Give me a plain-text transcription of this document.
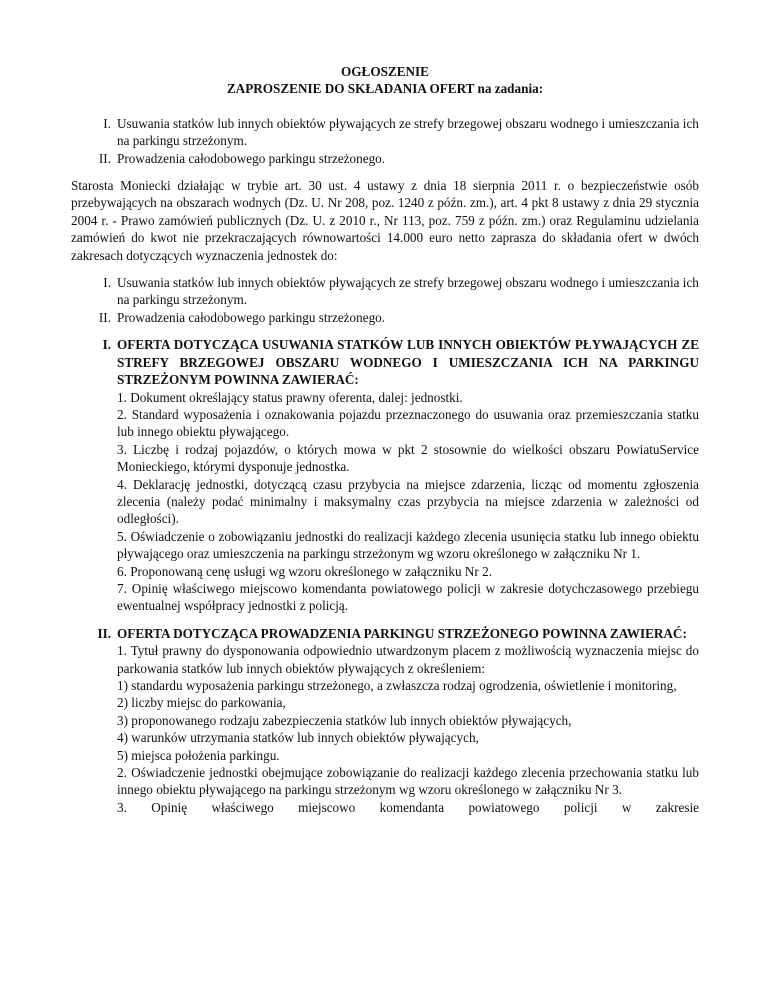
OGŁOSZENIE
ZAPROSZENIE DO SKŁADANIA OFERT na zadania:
I. Usuwania statków lub innych obiektów pływających ze strefy brzegowej obszaru wodnego i umieszczania ich na parkingu strzeżonym.
II. Prowadzenia całodobowego parkingu strzeżonego.

Starosta Moniecki działając w trybie art. 30 ust. 4 ustawy z dnia 18 sierpnia 2011 r. o bezpieczeństwie osób przebywających na obszarach wodnych (Dz. U. Nr 208, poz. 1240 z późn. zm.), art. 4 pkt 8 ustawy z dnia 29 stycznia 2004 r. - Prawo zamówień publicznych (Dz. U. z 2010 r., Nr 113, poz. 759 z późn. zm.) oraz Regulaminu udzielania zamówień do kwot nie przekraczających równowartości 14.000 euro netto zaprasza do składania ofert w dwóch zakresach dotyczących wyznaczenia jednostek do:

I. Usuwania statków lub innych obiektów pływających ze strefy brzegowej obszaru wodnego i umieszczania ich na parkingu strzeżonym.
II. Prowadzenia całodobowego parkingu strzeżonego.
I. OFERTA DOTYCZĄCA USUWANIA STATKÓW LUB INNYCH OBIEKTÓW PŁYWAJĄCYCH ZE STREFY BRZEGOWEJ OBSZARU WODNEGO I UMIESZCZANIA ICH NA PARKINGU STRZEŻONYM POWINNA ZAWIERAĆ:

1. Dokument określający status prawny oferenta, dalej: jednostki.

2. Standard wyposażenia i oznakowania pojazdu przeznaczonego do usuwania oraz przemieszczania statku lub innego obiektu pływającego.

3. Liczbę i rodzaj pojazdów, o których mowa w pkt 2 stosownie do wielkości obszaru PowiatuService Monieckiego, którymi dysponuje jednostka.

4. Deklarację jednostki, dotyczącą czasu przybycia na miejsce zdarzenia, licząc od momentu zgłoszenia zlecenia (należy podać minimalny i maksymalny czas przybycia na miejsce zdarzenia w zależności od odległości).

5. Oświadczenie o zobowiązaniu jednostki do realizacji każdego zlecenia usunięcia statku lub innego obiektu pływającego oraz umieszczenia na parkingu strzeżonym wg wzoru określonego w załączniku Nr 1.

6. Proponowaną cenę usługi wg wzoru określonego w załączniku Nr 2.

7. Opinię właściwego miejscowo komendanta powiatowego policji w zakresie dotychczasowego przebiegu ewentualnej współpracy jednostki z policją.

II. OFERTA DOTYCZĄCA PROWADZENIA PARKINGU STRZEŻONEGO POWINNA ZAWIERAĆ:

1. Tytuł prawny do dysponowania odpowiednio utwardzonym placem z możliwością wyznaczenia miejsc do parkowania statków lub innych obiektów pływających z określeniem:

1) standardu wyposażenia parkingu strzeżonego, a zwłaszcza rodzaj ogrodzenia, oświetlenie i monitoring,

2) liczby miejsc do parkowania,

3) proponowanego rodzaju zabezpieczenia statków lub innych obiektów pływających,

4) warunków utrzymania statków lub innych obiektów pływających,

5) miejsca położenia parkingu.

2. Oświadczenie jednostki obejmujące zobowiązanie do realizacji każdego zlecenia przechowania statku lub innego obiektu pływającego na parkingu strzeżonym wg wzoru określonego w załączniku Nr 3.

3. Opinię właściwego miejscowo komendanta powiatowego policji w zakresie
